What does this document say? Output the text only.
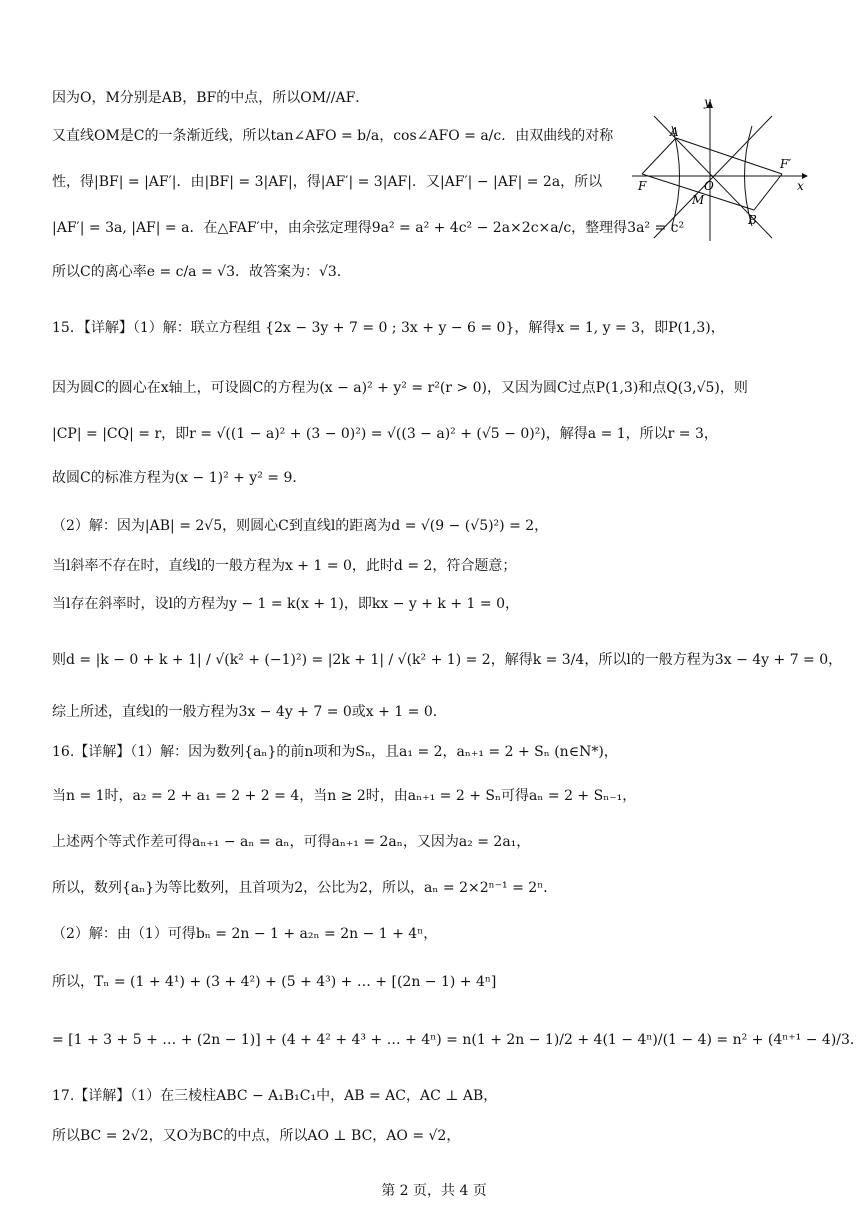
因为O，M分别是AB，BF的中点，所以OM//AF．
又直线OM是C的一条渐近线，所以tan∠AFO = b/a，cos∠AFO = a/c．由双曲线的对称
性，得|BF| = |AF′|．由|BF| = 3|AF|，得|AF′| = 3|AF|．又|AF′| − |AF| = 2a，所以
|AF′| = 3a, |AF| = a．在△FAF′中，由余弦定理得9a² = a² + 4c² − 2a×2c×a/c，整理得3a² = c²
所以C的离心率e = c/a = √3．故答案为：√3．
15．【详解】（1）解：联立方程组 {2x − 3y + 7 = 0 ; 3x + y − 6 = 0}，解得x = 1, y = 3，即P(1,3)，
因为圆C的圆心在x轴上，可设圆C的方程为(x − a)² + y² = r²(r > 0)，又因为圆C过点P(1,3)和点Q(3,√5)，则
|CP| = |CQ| = r，即r = √((1 − a)² + (3 − 0)²) = √((3 − a)² + (√5 − 0)²)，解得a = 1，所以r = 3，
故圆C的标准方程为(x − 1)² + y² = 9．
（2）解：因为|AB| = 2√5，则圆心C到直线l的距离为d = √(9 − (√5)²) = 2，
当l斜率不存在时，直线l的一般方程为x + 1 = 0，此时d = 2，符合题意；
当l存在斜率时，设l的方程为y − 1 = k(x + 1)，即kx − y + k + 1 = 0，
则d = |k − 0 + k + 1| / √(k² + (−1)²) = |2k + 1| / √(k² + 1) = 2，解得k = 3/4，所以l的一般方程为3x − 4y + 7 = 0，
综上所述，直线l的一般方程为3x − 4y + 7 = 0或x + 1 = 0．
16.【详解】（1）解：因为数列{aₙ}的前n项和为Sₙ，且a₁ = 2，aₙ₊₁ = 2 + Sₙ (n∈N*)，
当n = 1时，a₂ = 2 + a₁ = 2 + 2 = 4，当n ≥ 2时，由aₙ₊₁ = 2 + Sₙ可得aₙ = 2 + Sₙ₋₁，
上述两个等式作差可得aₙ₊₁ − aₙ = aₙ，可得aₙ₊₁ = 2aₙ，又因为a₂ = 2a₁，
所以，数列{aₙ}为等比数列，且首项为2，公比为2，所以，aₙ = 2×2ⁿ⁻¹ = 2ⁿ．
（2）解：由（1）可得bₙ = 2n − 1 + a₂ₙ = 2n − 1 + 4ⁿ，
所以，Tₙ = (1 + 4¹) + (3 + 4²) + (5 + 4³) + … + [(2n − 1) + 4ⁿ]
= [1 + 3 + 5 + … + (2n − 1)] + (4 + 4² + 4³ + … + 4ⁿ) = n(1 + 2n − 1)/2 + 4(1 − 4ⁿ)/(1 − 4) = n² + (4ⁿ⁺¹ − 4)/3．
17.【详解】（1）在三棱柱ABC − A₁B₁C₁中，AB = AC，AC ⊥ AB，
所以BC = 2√2，又O为BC的中点，所以AO ⊥ BC，AO = √2，
y
A
F′
x
F	O
M
B
第 2 页，共 4 页
